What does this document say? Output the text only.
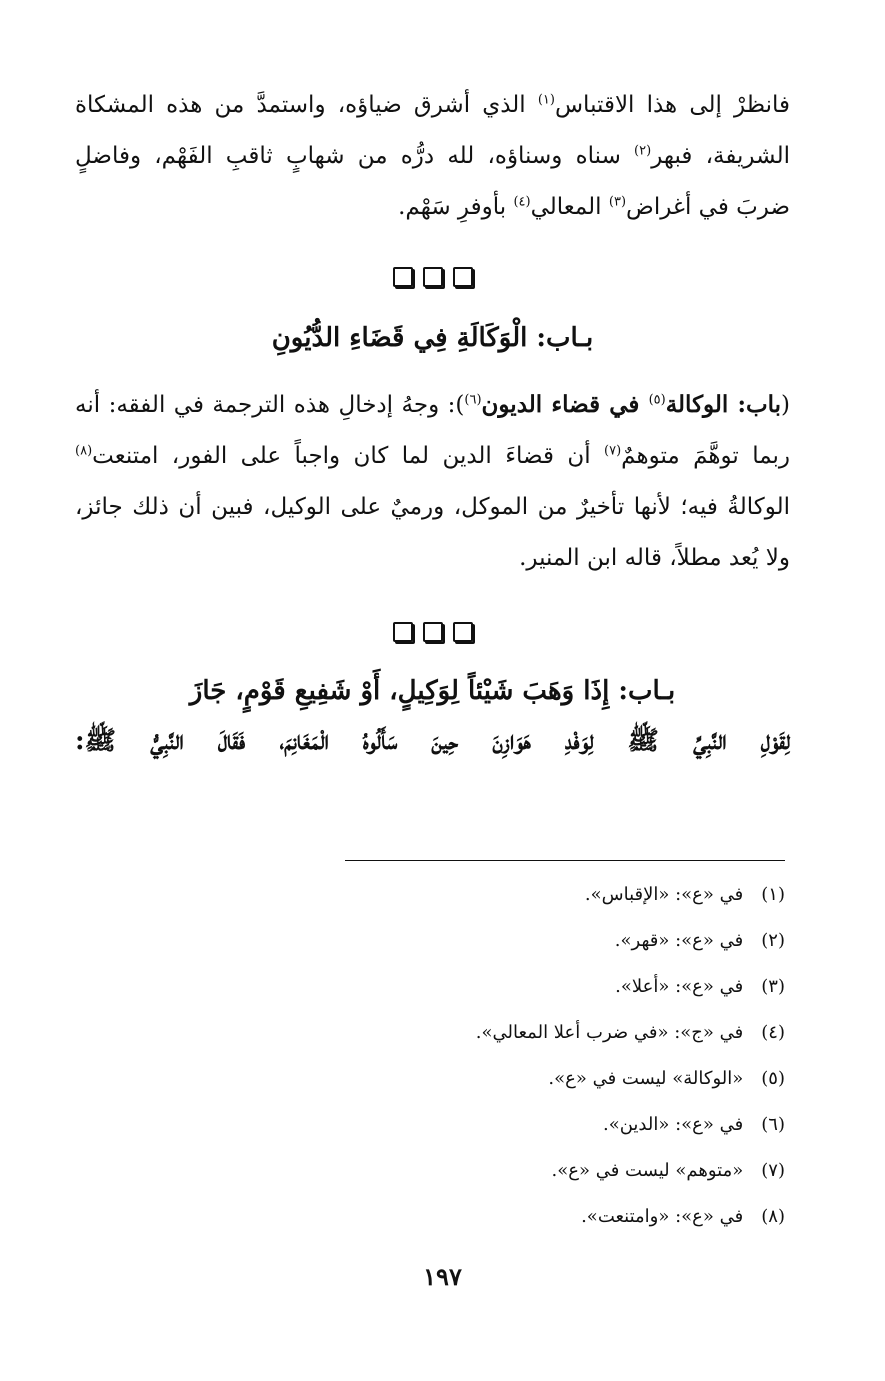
فانظرْ إلى هذا الاقتباس$^{(١)}$ الذي أشرق ضياؤه، واستمدَّ من هذه المشكاة الشريفة، فبهر$^{(٢)}$ سناه وسناؤه، لله درُّه من شهابٍ ثاقبِ الفَهْم، وفاضلٍ ضربَ في أغراض$^{(٣)}$ المعالي$^{(٤)}$ بأوفرِ سَهْم.

بـاب: الْوَكَالَةِ فِي قَضَاءِ الدُّيُونِ

(باب: الوكالة$^{(٥)}$ في قضاء الديون$^{(٦)}$): وجهُ إدخالِ هذه الترجمة في الفقه: أنه ربما توهَّمَ متوهمٌ$^{(٧)}$ أن قضاءَ الدين لما كان واجباً على الفور، امتنعت$^{(٨)}$ الوكالةُ فيه؛ لأنها تأخيرٌ من الموكل، ورميٌ على الوكيل، فبين أن ذلك جائز، ولا يُعد مطلاً، قاله ابن المنير.

بـاب: إِذَا وَهَبَ شَيْئاً لِوَكِيلٍ، أَوْ شَفِيعِ قَوْمٍ، جَازَ

لِقَوْلِ النَّبِيِّ ﷺ لِوَفْدِ هَوَازِنَ حِينَ سَأَلُوهُ الْمَغَانِمَ، فَقَالَ النَّبِيُّ ﷺ:

(١) في «ع»: «الإقباس».
(٢) في «ع»: «قهر».
(٣) في «ع»: «أعلا».
(٤) في «ج»: «في ضرب أعلا المعالي».
(٥) «الوكالة» ليست في «ع».
(٦) في «ع»: «الدين».
(٧) «متوهم» ليست في «ع».
(٨) في «ع»: «وامتنعت».
١٩٧
